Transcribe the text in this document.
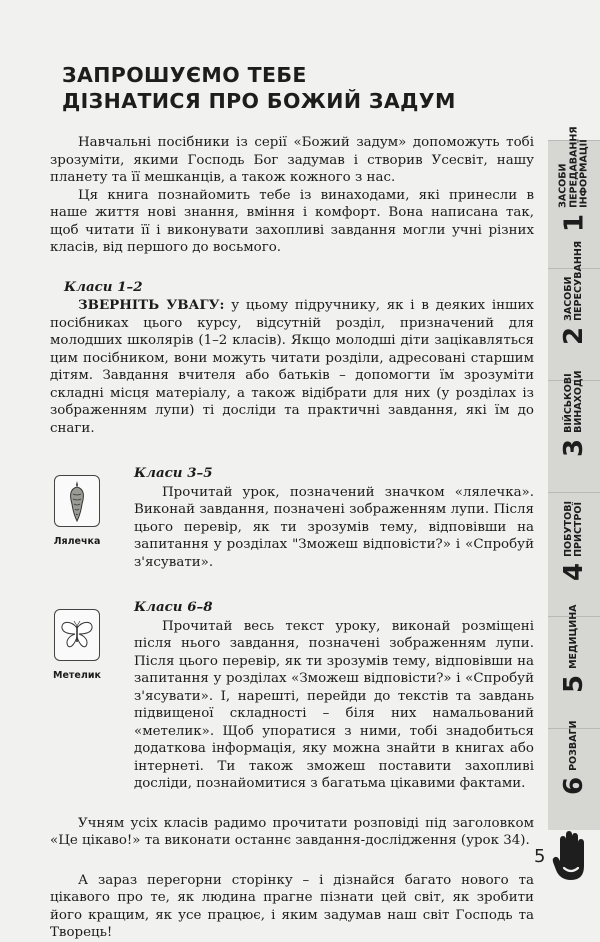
ЗАПРОШУЄМО ТЕБЕ
ДІЗНАТИСЯ ПРО БОЖИЙ ЗАДУМ

Навчальні посібники із серії «Божий задум» допоможуть тобі зрозуміти, якими Господь Бог задумав і створив Усесвіт, нашу планету та її мешканців, а також кожного з нас.

Ця книга познайомить тебе із винаходами, які принесли в наше життя нові знання, вміння і комфорт. Вона написана так, щоб читати її і виконувати захопливі завдання могли учні різних класів, від першого до восьмого.

Класи 1–2

ЗВЕРНІТЬ УВАГУ: у цьому підручнику, як і в деяких інших посібниках цього курсу, відсутній розділ, призначений для молодших школярів (1–2 класів). Якщо молодші діти зацікавляться цим посібником, вони можуть читати розділи, адресовані старшим дітям. Завдання вчителя або батьків – допомогти їм зрозуміти складні місця матеріалу, а також відібрати для них (у розділах із зображенням лупи) ті досліди та практичні завдання, які їм до снаги.

Лялечка
Класи 3–5

Прочитай урок, позначений значком «лялечка». Виконай завдання, позначені зображенням лупи. Після цього перевір, як ти зрозумів тему, відповівши на запитання у розділах "Зможеш відповісти?» і «Спробуй з'ясувати».

Метелик
Класи 6–8

Прочитай весь текст уроку, виконай розміщені після нього завдання, позначені зображенням лупи. Після цього перевір, як ти зрозумів тему, відповівши на запитання у розділах «Зможеш відповісти?» і «Спробуй з'ясувати». І, нарешті, перейди до текстів та завдань підвищеної складності – біля них намальований «метелик». Щоб упоратися з ними, тобі знадобиться додаткова інформація, яку можна знайти в книгах або інтернеті. Ти також зможеш поставити захопливі досліди, познайомитися з багатьма цікавими фактами.

Учням усіх класів радимо прочитати розповіді під заголовком «Це цікаво!» та виконати останнє завдання-дослідження (урок 34).

А зараз перегорни сторінку – і дізнайся багато нового та цікавого про те, як людина прагне пізнати цей світ, як зробити його кращим, як усе працює, і яким задумав наш світ Господь та Творець!

1
ЗАСОБИ
ПЕРЕДАВАННЯ
ІНФОРМАЦІЇ
2
ЗАСОБИ
ПЕРЕСУВАННЯ
3
ВІЙСЬКОВІ
ВИНАХОДИ
4
ПОБУТОВІ
ПРИСТРОЇ
5
МЕДИЦИНА
6
РОЗВАГИ
5
